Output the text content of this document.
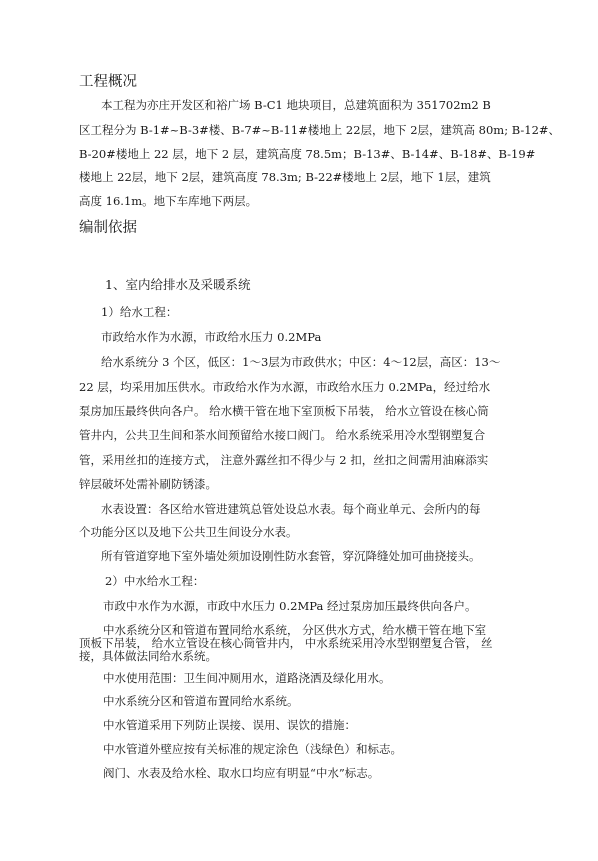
工程概况
本工程为亦庄开发区和裕广场 B-C1 地块项目，总建筑面积为 351702m2 B
区工程分为 B-1#~B-3#楼、B-7#~B-11#楼地上 22层，地下 2层，建筑高 80m; B-12#、
B-20#楼地上 22 层，地下 2 层，建筑高度 78.5m；B-13#、B-14#、B-18#、B-19#
楼地上 22层，地下 2层，建筑高度 78.3m; B-22#楼地上 2层，地下 1层，建筑
高度 16.1m。地下车库地下两层。
编制依据
1、室内给排水及采暖系统
1）给水工程：
市政给水作为水源，市政给水压力 0.2MPa
给水系统分 3 个区，低区：1～3层为市政供水；中区：4～12层，高区：13～
22 层，均采用加压供水。市政给水作为水源，市政给水压力 0.2MPa，经过给水
泵房加压最终供向各户。 给水横干管在地下室顶板下吊装， 给水立管设在核心筒
管井内，公共卫生间和茶水间预留给水接口阀门。 给水系统采用冷水型钢塑复合
管，采用丝扣的连接方式， 注意外露丝扣不得少与 2 扣，丝扣之间需用油麻添实
锌层破坏处需补刷防锈漆。
水表设置：各区给水管进建筑总管处设总水表。每个商业单元、会所内的每
个功能分区以及地下公共卫生间设分水表。
所有管道穿地下室外墙处须加设刚性防水套管，穿沉降缝处加可曲挠接头。
2）中水给水工程：
市政中水作为水源，市政中水压力 0.2MPa 经过泵房加压最终供向各户。
中水系统分区和管道布置同给水系统， 分区供水方式，给水横干管在地下室
顶板下吊装， 给水立管设在核心筒管井内， 中水系统采用冷水型钢塑复合管， 丝
接，具体做法同给水系统。
中水使用范围：卫生间冲厕用水，道路浇洒及绿化用水。
中水系统分区和管道布置同给水系统。
中水管道采用下列防止误接、误用、误饮的措施：
中水管道外壁应按有关标准的规定涂色（浅绿色）和标志。
阀门、水表及给水栓、取水口均应有明显“中水”标志。
